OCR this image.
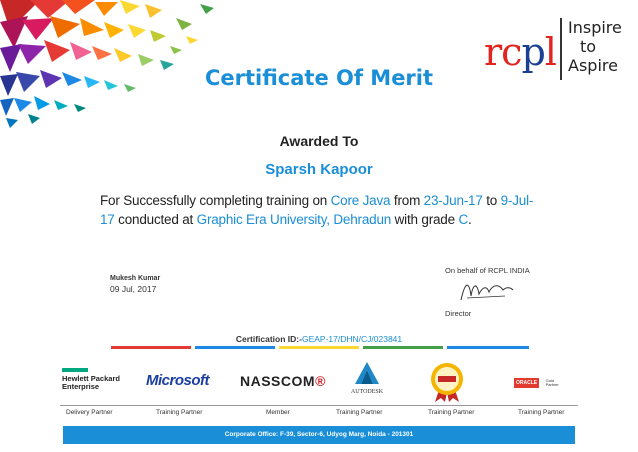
rcpl
Inspire
to
Aspire
Certificate Of Merit
Awarded To
Sparsh Kapoor
For Successfully completing training on Core Java from 23-Jun-17 to 9-Jul-17 conducted at Graphic Era University, Dehradun with grade C.
Mukesh Kumar
09 Jul, 2017
On behalf of RCPL INDIA
Director
Certification ID:-GEAP-17/DHN/CJ/023841
Hewlett Packard
Enterprise	Microsoft NASSCOM®
AUTODESK
ORACLE Gold
Partner
Delivery Partner	Training Partner	Member	Training Partner	Training Partner	Training Partner
Corporate Office: F-39, Sector-6, Udyog Marg, Noida - 201301
